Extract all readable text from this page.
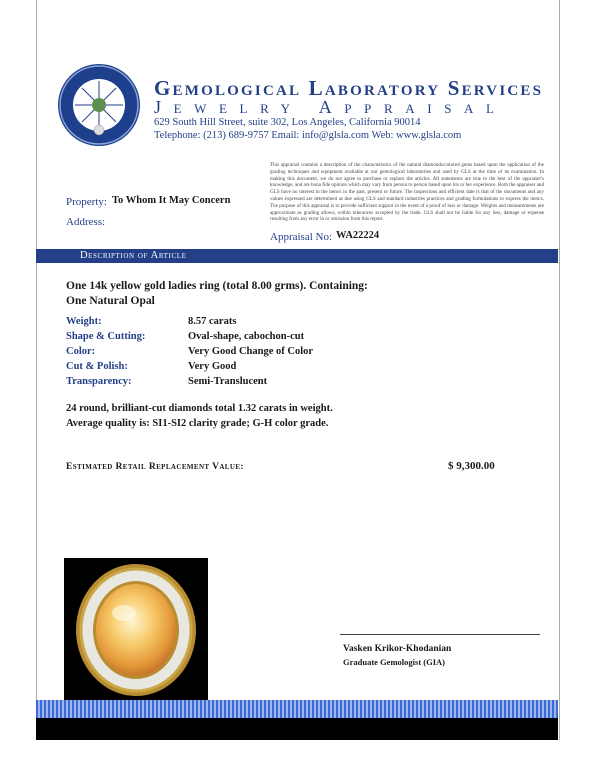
Gemological Laboratory Services
Jewelry Appraisal
629 South Hill Street, suite 302, Los Angeles, California 90014
Telephone: (213) 689-9757 Email: info@glsla.com Web: www.glsla.com
This appraisal contains a description of the characteristics of the natural diamonds/colored gems based upon the application of the grading techniques and equipment available at our gemological laboratories and used by GLS at the time of its examination. In making this document, we do not agree to purchase or replace the articles. All statements are true to the best of the appraiser's knowledge, and are bona fide opinion which may vary from person to person based upon his or her experience. Both the appraiser and GLS have no interest in the item/s in the past, present or future. The inspections and efficient date is that of the documents and any values expressed are determined as due using GLS and standard industries practices and grading formulations to express the item/s. The purpose of this appraisal is to provide sufficient support in the event of a proof of loss or damage. Weights and measurements are approximate as grading allows, within tolerances accepted by the trade. GLS shall not be liable for any loss, damage or expense resulting from any error in or omission from this report.
Property: To Whom It May Concern
Address:
Appraisal No: WA22224
Description of Article
One 14k yellow gold ladies ring (total 8.00 grms). Containing:
One Natural Opal
Weight:	8.57 carats
Shape & Cutting:	Oval-shape, cabochon-cut
Color:	Very Good Change of Color
Cut & Polish:	Very Good
Transparency:	Semi-Translucent
24 round, brilliant-cut diamonds total 1.32 carats in weight.
Average quality is: SI1-SI2 clarity grade; G-H color grade.
Estimated Retail Replacement Value:	$ 9,300.00
Vasken Krikor-Khodanian
Graduate Gemologist (GIA)
